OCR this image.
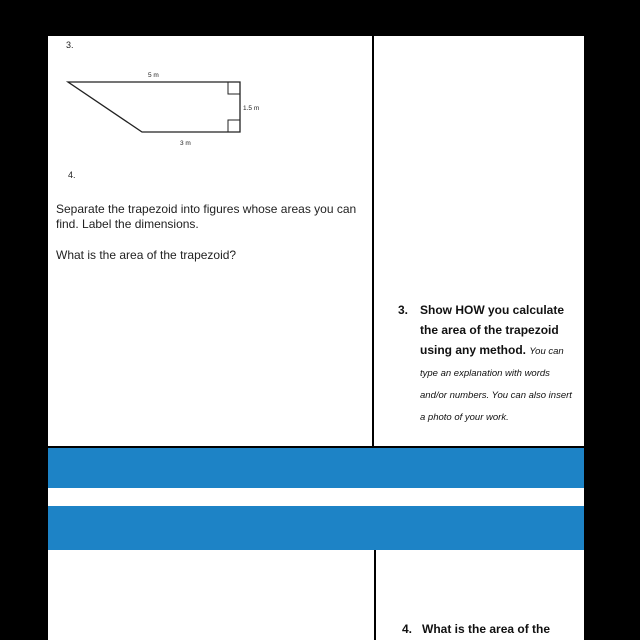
3.
5 m
1.5 m
3 m
4.
Separate the trapezoid into figures whose areas you can find. Label the dimensions.
What is the area of the trapezoid?
3. Show HOW you calculate the area of the trapezoid using any method. You can type an explanation with words and/or numbers. You can also insert a photo of your work.
4. What is the area of the
